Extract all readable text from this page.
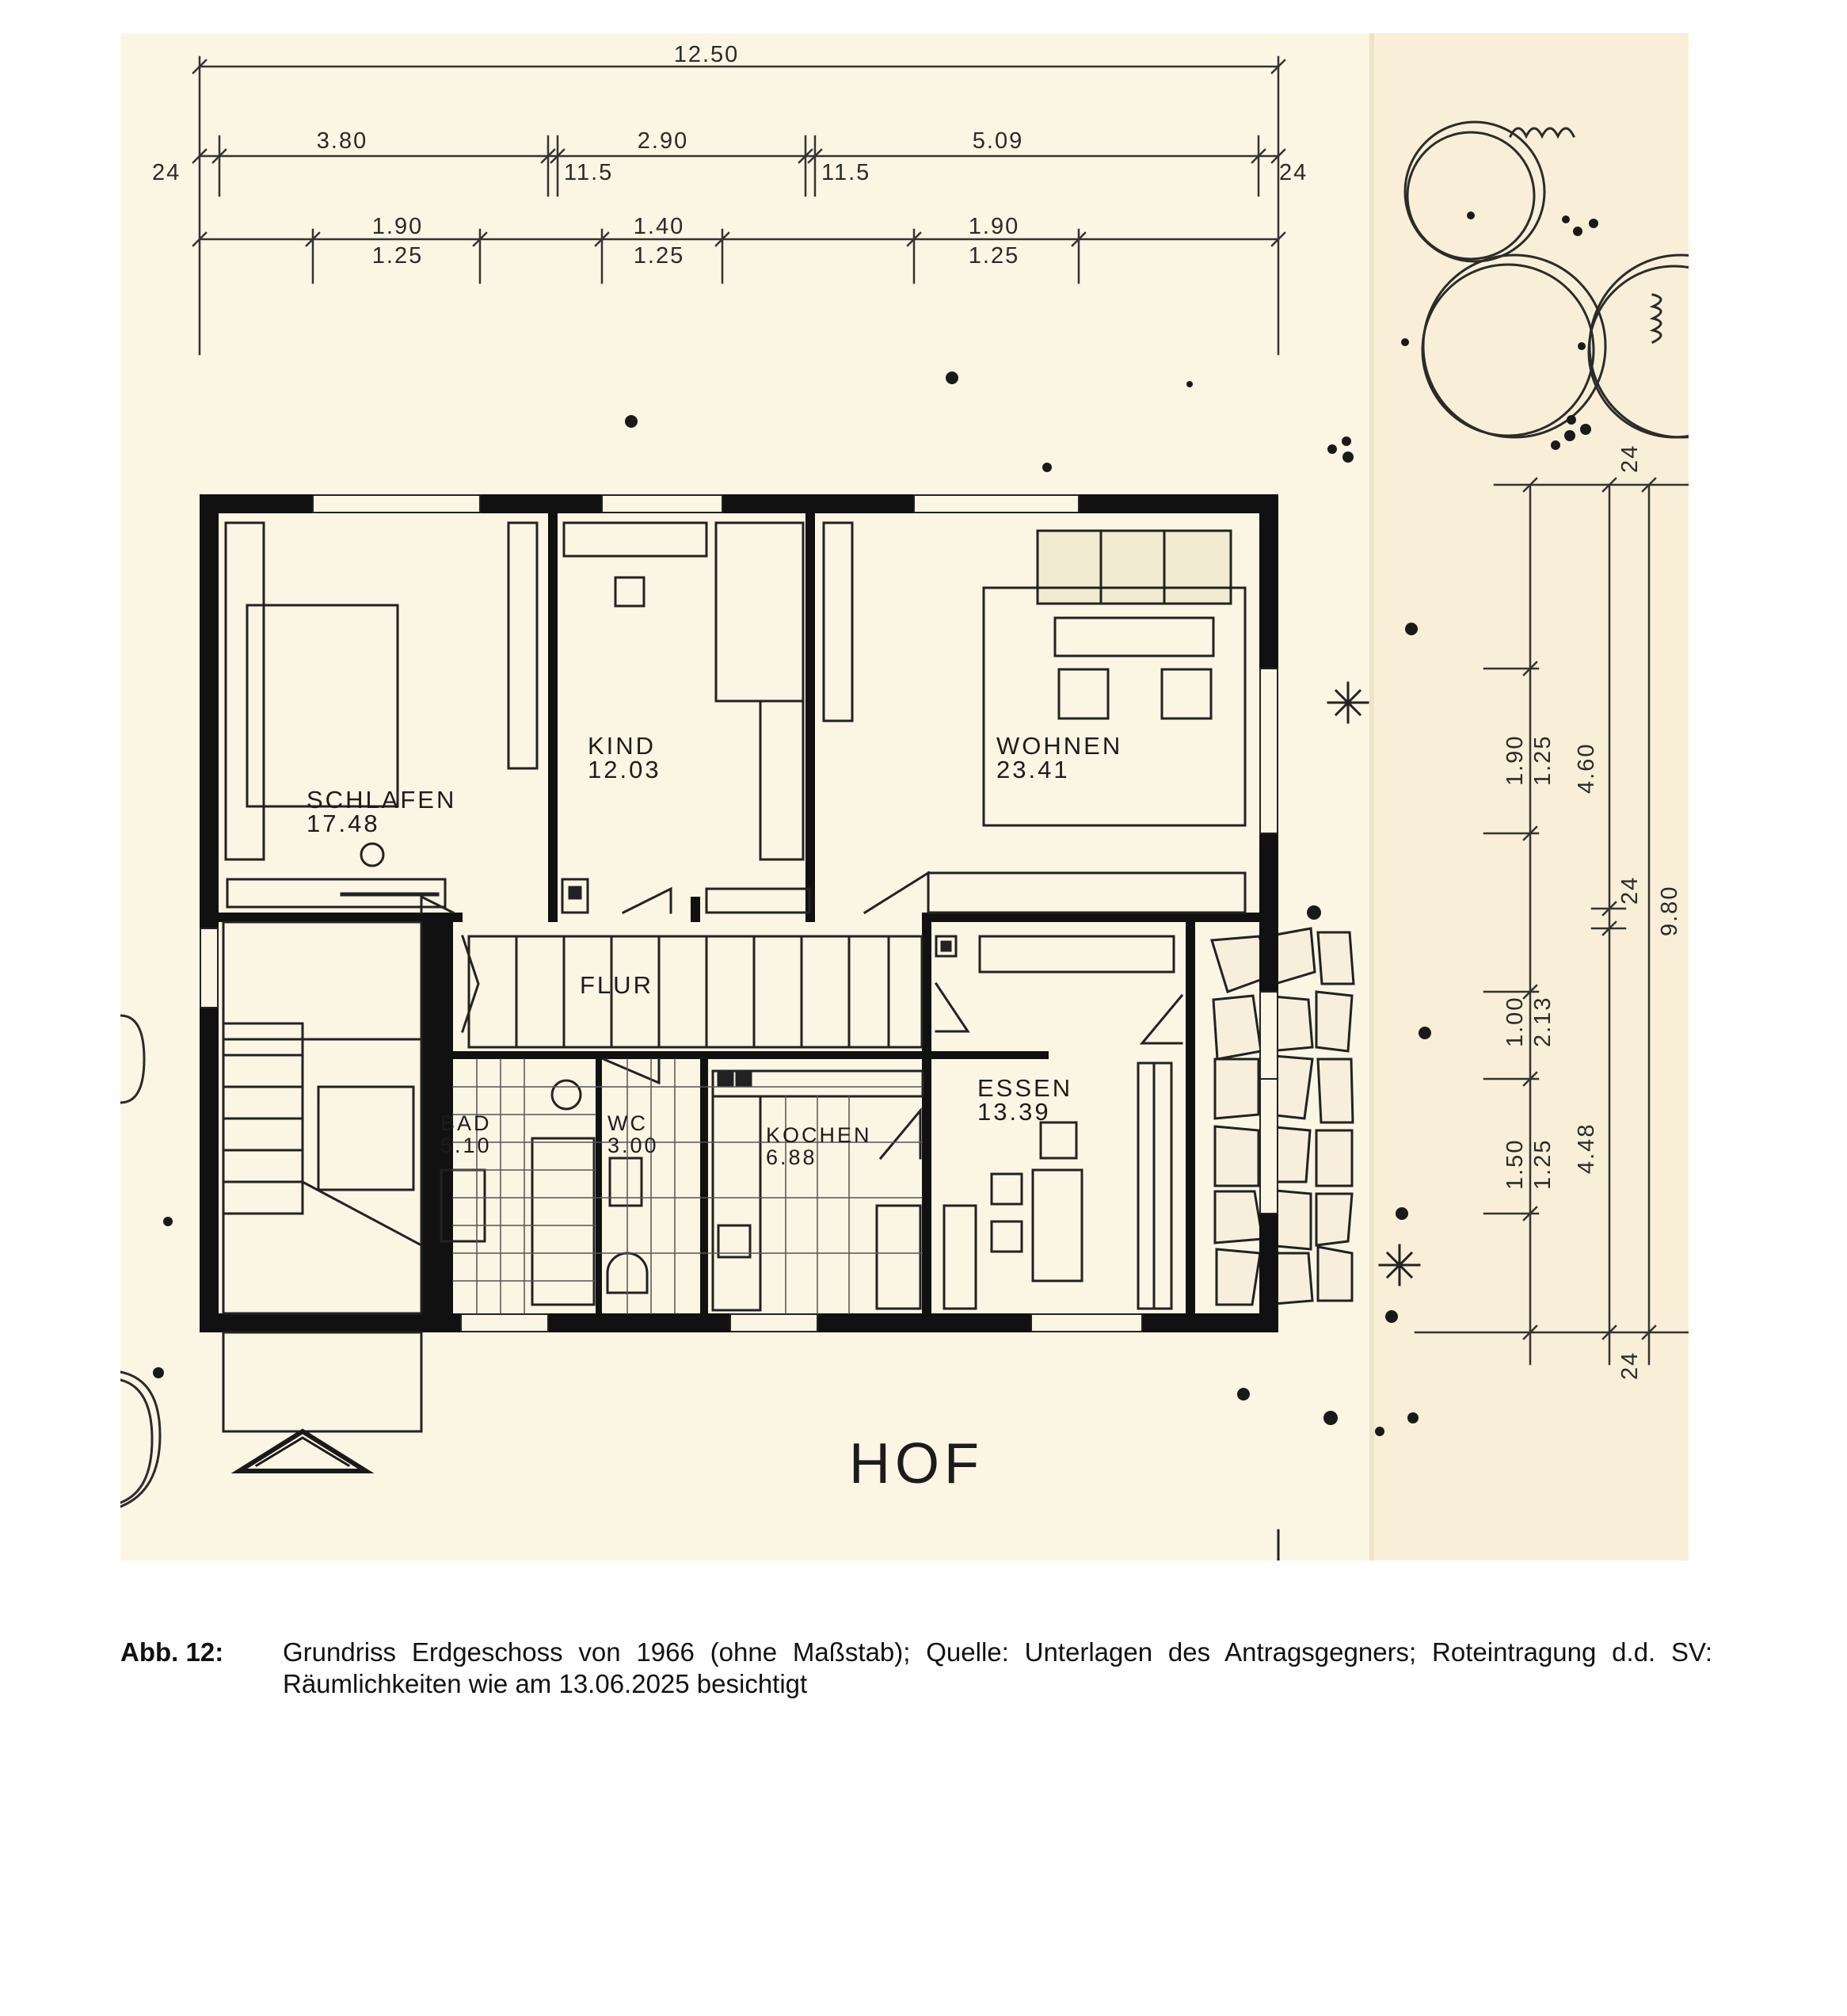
12.50
24
3.80
11.5
2.90
11.5
5.09
24
1.90
1.25
1.40
1.25
1.90
1.25
24
4.60
24
4.48
24
9.80
1.90 1.25
1.00 2.13
1.50 1.25
SCHLAFEN
17.48
KIND
12.03
WOHNEN
23.41
FLUR
BAD
5.10
WC
3.00	KOCHEN
6.88
ESSEN
13.39
HOF
Abb. 12: Grundriss Erdgeschoss von 1966 (ohne Maßstab); Quelle: Unterlagen des Antragsgegners; Roteintragung d.d. SV: Räumlichkeiten wie am 13.06.2025 besichtigt
